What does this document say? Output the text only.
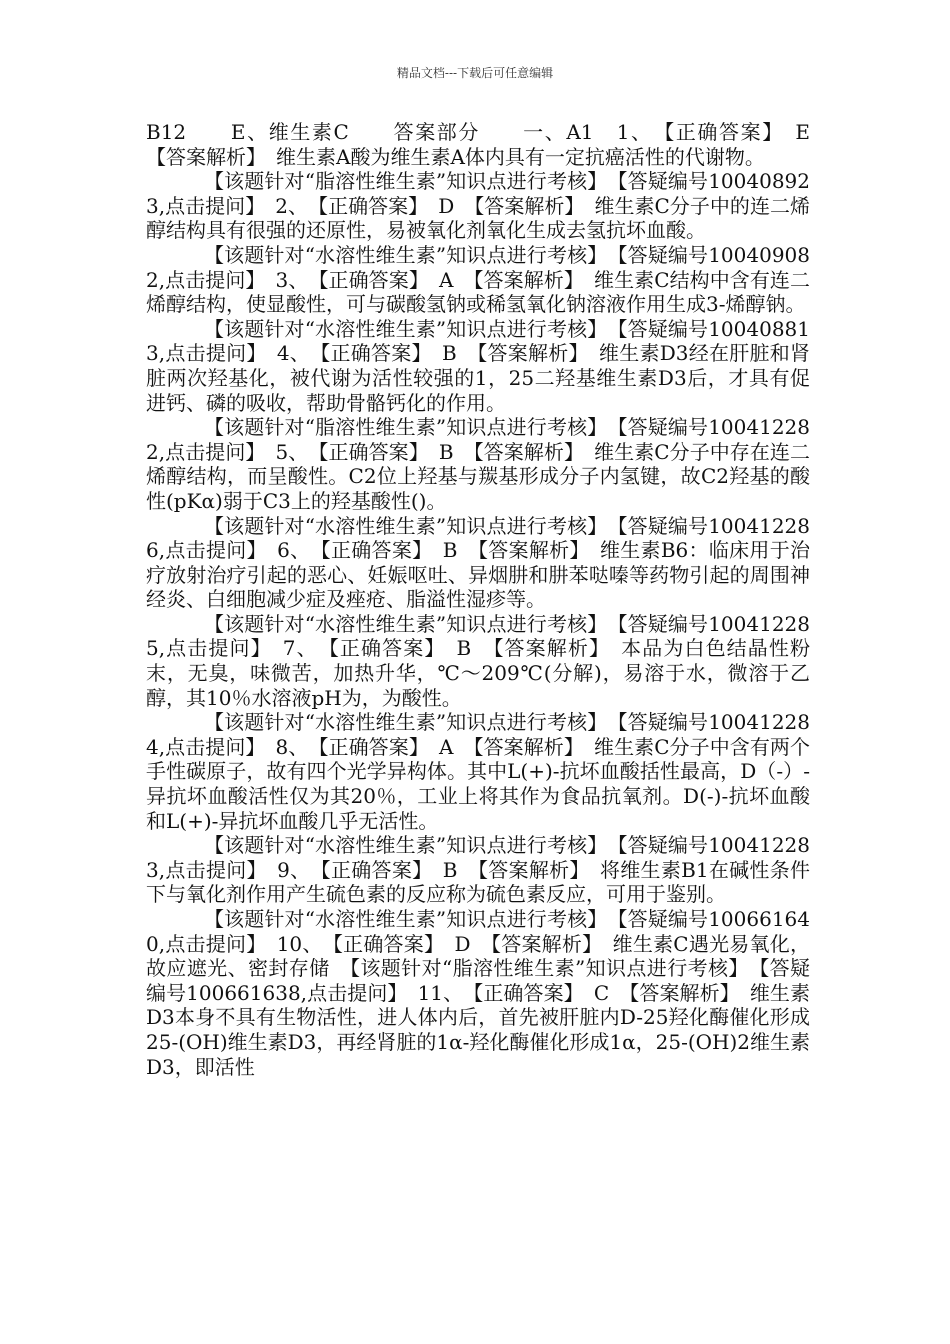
精品文档---下载后可任意编辑

B12　　E、维生素C　　答案部分　　一、A1　1、　【正确答案】　E　【答案解析】　维生素A酸为维生素A体内具有一定抗癌活性的代谢物。

【该题针对“脂溶性维生素”知识点进行考核】　【答疑编号100408923,点击提问】　2、　【正确答案】　D　【答案解析】　维生素C分子中的连二烯醇结构具有很强的还原性，易被氧化剂氧化生成去氢抗坏血酸。

【该题针对“水溶性维生素”知识点进行考核】　【答疑编号100409082,点击提问】　3、　【正确答案】　A　【答案解析】　维生素C结构中含有连二烯醇结构，使显酸性，可与碳酸氢钠或稀氢氧化钠溶液作用生成3-烯醇钠。

【该题针对“水溶性维生素”知识点进行考核】　【答疑编号100408813,点击提问】　4、　【正确答案】　B　【答案解析】　维生素D3经在肝脏和肾脏两次羟基化，被代谢为活性较强的1，25二羟基维生素D3后，才具有促进钙、磷的吸收，帮助骨骼钙化的作用。

【该题针对“脂溶性维生素”知识点进行考核】　【答疑编号100412282,点击提问】　5、　【正确答案】　B　【答案解析】　维生素C分子中存在连二烯醇结构，而呈酸性。C2位上羟基与羰基形成分子内氢键，故C2羟基的酸性(pKα)弱于C3上的羟基酸性()。

【该题针对“水溶性维生素”知识点进行考核】　【答疑编号100412286,点击提问】　6、　【正确答案】　B　【答案解析】　维生素B6：临床用于治疗放射治疗引起的恶心、妊娠呕吐、异烟肼和肼苯哒嗪等药物引起的周围神经炎、白细胞减少症及痤疮、脂溢性湿疹等。

【该题针对“水溶性维生素”知识点进行考核】　【答疑编号100412285,点击提问】　7、　【正确答案】　B　【答案解析】　本品为白色结晶性粉末，无臭，味微苦，加热升华，℃～209℃(分解)，易溶于水，微溶于乙醇，其10％水溶液pH为，为酸性。

【该题针对“水溶性维生素”知识点进行考核】　【答疑编号100412284,点击提问】　8、　【正确答案】　A　【答案解析】　维生素C分子中含有两个手性碳原子，故有四个光学异构体。其中L(+)-抗坏血酸括性最高，D（-）-异抗坏血酸活性仅为其20％，工业上将其作为食品抗氧剂。D(-)-抗坏血酸和L(+)-异抗坏血酸几乎无活性。

【该题针对“水溶性维生素”知识点进行考核】　【答疑编号100412283,点击提问】　9、　【正确答案】　B　【答案解析】　将维生素B1在碱性条件下与氧化剂作用产生硫色素的反应称为硫色素反应，可用于鉴别。

【该题针对“水溶性维生素”知识点进行考核】　【答疑编号100661640,点击提问】　10、　【正确答案】　D　【答案解析】　维生素C遇光易氧化，故应遮光、密封存储　【该题针对“脂溶性维生素”知识点进行考核】　【答疑编号100661638,点击提问】　11、　【正确答案】　C　【答案解析】　维生素D3本身不具有生物活性，进人体内后，首先被肝脏内D-25羟化酶催化形成25-(OH)维生素D3，再经肾脏的1α-羟化酶催化形成1α，25-(OH)2维生素D3，即活性
